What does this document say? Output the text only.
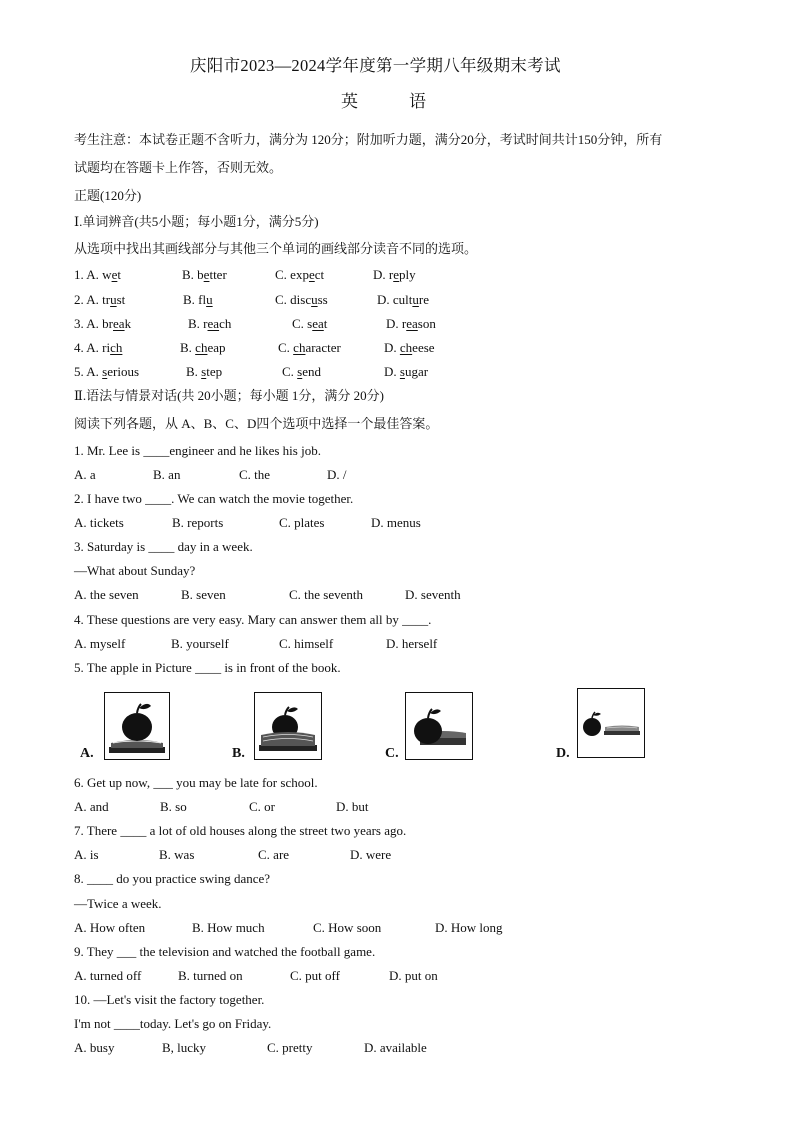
庆阳市2023—2024学年度第一学期八年级期末考试
英　　　语
考生注意：本试卷正题不含听力，满分为 120分；附加听力题，满分20分，考试时间共计150分钟，所有
试题均在答题卡上作答，否则无效。
正题(120分)
Ⅰ.单词辨音(共5小题；每小题1分，满分5分)
从选项中找出其画线部分与其他三个单词的画线部分读音不同的选项。
1. A. wet	B. better	C. expect	D. reply
2. A. trust	B. flu	C. discuss	D. culture
3. A. break	B. reach	C. seat	D. reason
4. A. rich	B. cheap	C. character	D. cheese
5. A. serious	B. step	C. send	D. sugar
Ⅱ.语法与情景对话(共 20小题；每小题 1分，满分 20分)
阅读下列各题，从 A、B、C、D四个选项中选择一个最佳答案。
1. Mr. Lee is ____engineer and he likes his job.
A. a	B. an	C. the	D. /
2. I have two ____. We can watch the movie together.
A. tickets	B. reports	C. plates	D. menus
3. Saturday is ____ day in a week.
—What about Sunday?
A. the seven	B. seven	C. the seventh	D. seventh
4. These questions are very easy. Mary can answer them all by ____.
A. myself	B. yourself	C. himself	D. herself
5. The apple in Picture ____ is in front of the book.
A.	B.	C.	D.
6. Get up now, ___ you may be late for school.
A. and	B. so	C. or	D. but
7. There ____ a lot of old houses along the street two years ago.
A. is	B. was	C. are	D. were
8. ____ do you practice swing dance?
—Twice a week.
A. How often	B. How much	C. How soon	D. How long
9. They ___ the television and watched the football game.
A. turned off	B. turned on	C. put off	D. put on
10. —Let's visit the factory together.
I'm not ____today. Let's go on Friday.
A. busy	B, lucky	C. pretty	D. available
